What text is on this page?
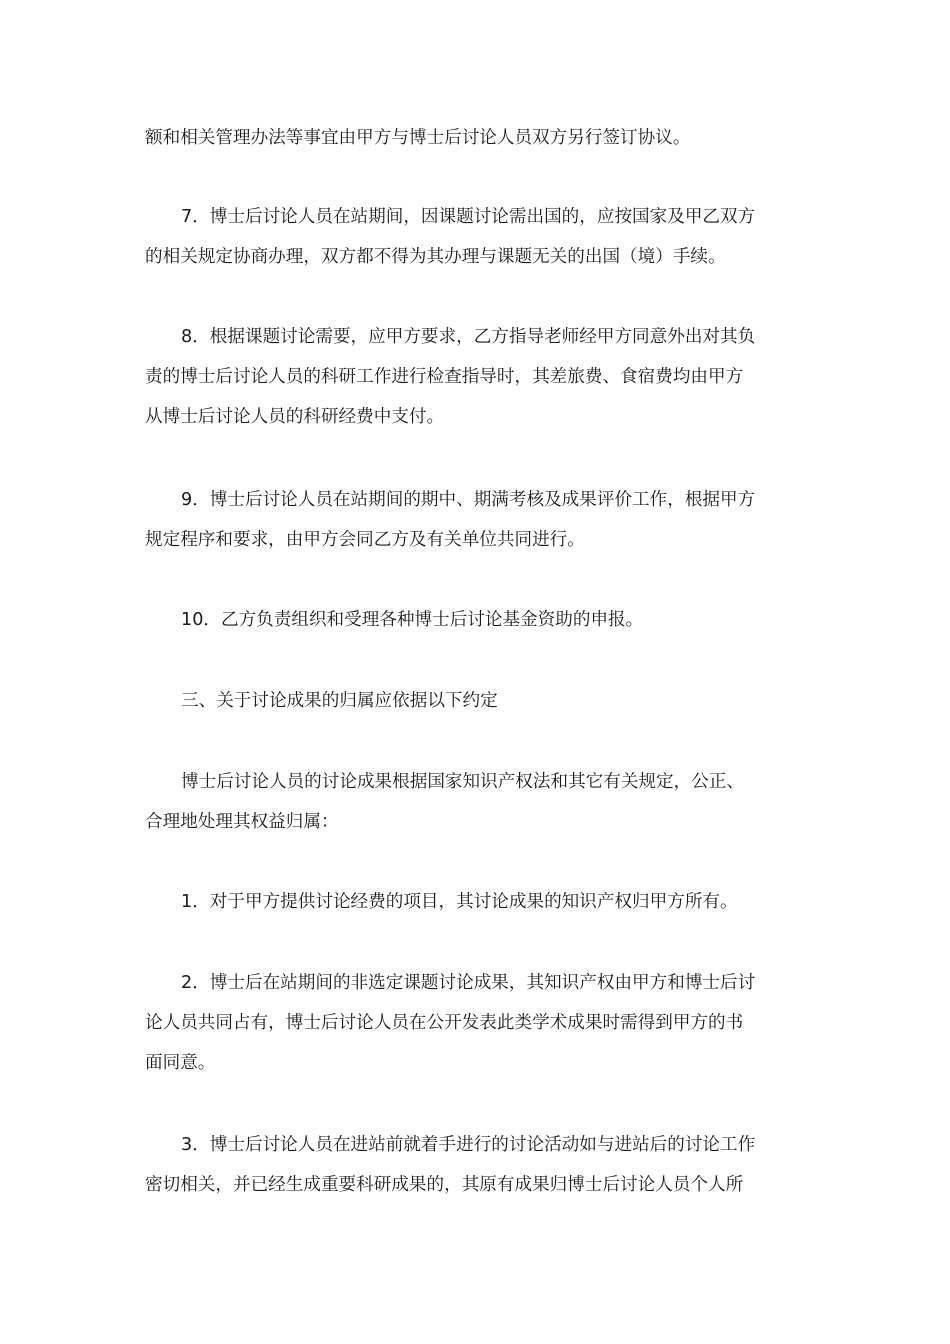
额和相关管理办法等事宜由甲方与博士后讨论人员双方另行签订协议。

7．博士后讨论人员在站期间，因课题讨论需出国的，应按国家及甲乙双方
的相关规定协商办理，双方都不得为其办理与课题无关的出国（境）手续。

8．根据课题讨论需要，应甲方要求，乙方指导老师经甲方同意外出对其负
责的博士后讨论人员的科研工作进行检查指导时，其差旅费、食宿费均由甲方
从博士后讨论人员的科研经费中支付。

9．博士后讨论人员在站期间的期中、期满考核及成果评价工作，根据甲方
规定程序和要求，由甲方会同乙方及有关单位共同进行。

10．乙方负责组织和受理各种博士后讨论基金资助的申报。

三、关于讨论成果的归属应依据以下约定

博士后讨论人员的讨论成果根据国家知识产权法和其它有关规定，公正、
合理地处理其权益归属：

1．对于甲方提供讨论经费的项目，其讨论成果的知识产权归甲方所有。

2．博士后在站期间的非选定课题讨论成果，其知识产权由甲方和博士后讨
论人员共同占有，博士后讨论人员在公开发表此类学术成果时需得到甲方的书
面同意。

3．博士后讨论人员在进站前就着手进行的讨论活动如与进站后的讨论工作
密切相关，并已经生成重要科研成果的，其原有成果归博士后讨论人员个人所
